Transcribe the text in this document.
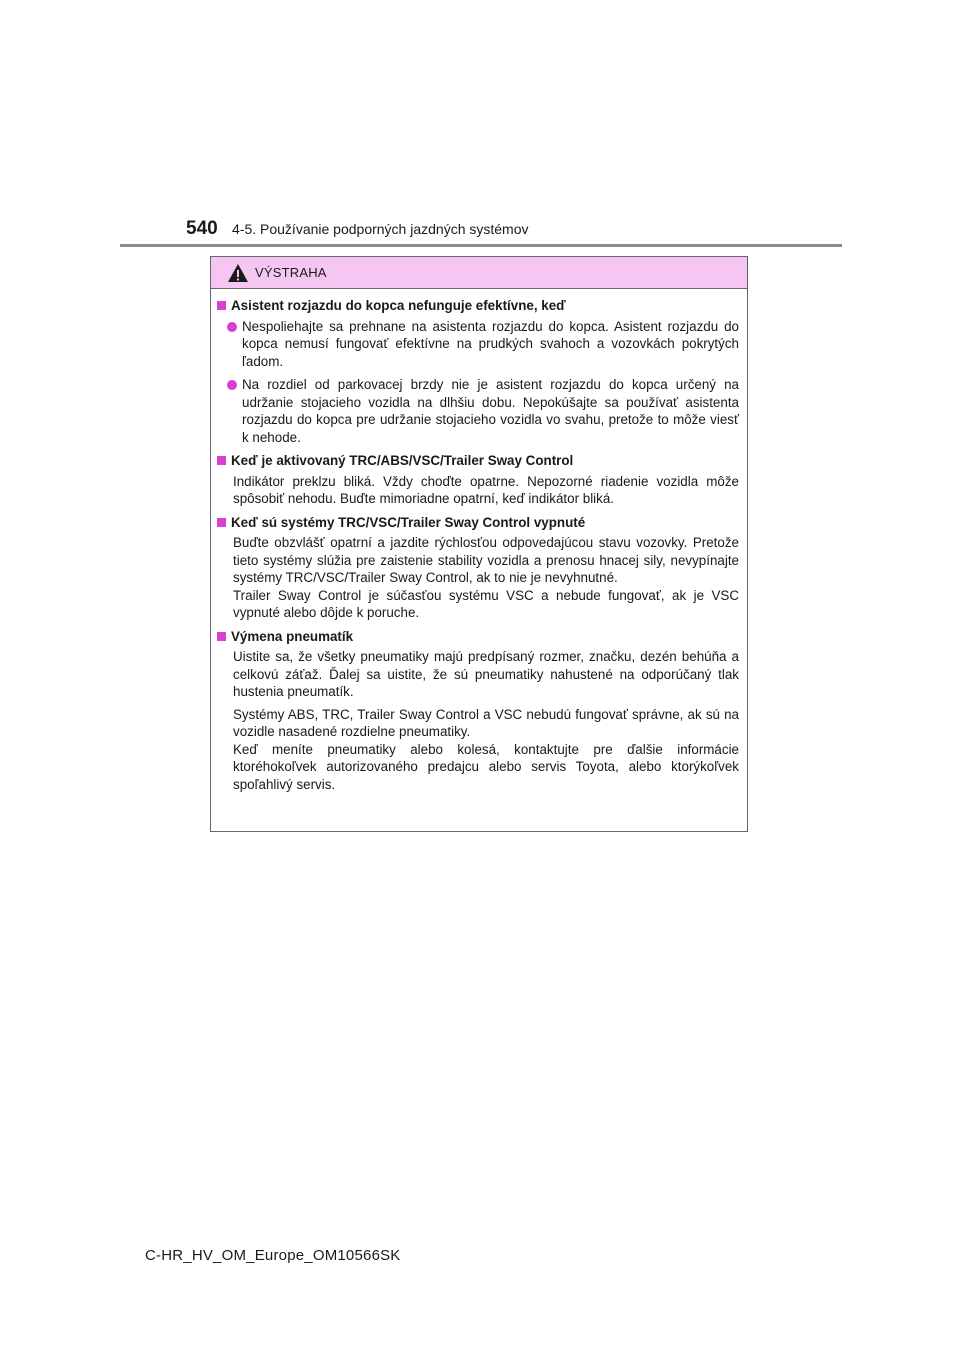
540 4-5. Používanie podporných jazdných systémov
VÝSTRAHA
Asistent rozjazdu do kopca nefunguje efektívne, keď
Nespoliehajte sa prehnane na asistenta rozjazdu do kopca. Asistent rozjazdu do kopca nemusí fungovať efektívne na prudkých svahoch a vozovkách pokrytých ľadom.
Na rozdiel od parkovacej brzdy nie je asistent rozjazdu do kopca určený na udržanie stojacieho vozidla na dlhšiu dobu. Nepokúšajte sa používať asistenta rozjazdu do kopca pre udržanie stojacieho vozidla vo svahu, pretože to môže viesť k nehode.
Keď je aktivovaný TRC/ABS/VSC/Trailer Sway Control

Indikátor preklzu bliká. Vždy choďte opatrne. Nepozorné riadenie vozidla môže spôsobiť nehodu. Buďte mimoriadne opatrní, keď indikátor bliká.

Keď sú systémy TRC/VSC/Trailer Sway Control vypnuté

Buďte obzvlášť opatrní a jazdite rýchlosťou odpovedajúcou stavu vozovky. Pretože tieto systémy slúžia pre zaistenie stability vozidla a prenosu hnacej sily, nevypínajte systémy TRC/VSC/Trailer Sway Control, ak to nie je nevyhnutné.

Trailer Sway Control je súčasťou systému VSC a nebude fungovať, ak je VSC vypnuté alebo dôjde k poruche.

Výmena pneumatík

Uistite sa, že všetky pneumatiky majú predpísaný rozmer, značku, dezén behúňa a celkovú záťaž. Ďalej sa uistite, že sú pneumatiky nahustené na odporúčaný tlak hustenia pneumatík.

Systémy ABS, TRC, Trailer Sway Control a VSC nebudú fungovať správne, ak sú na vozidle nasadené rozdielne pneumatiky.

Keď meníte pneumatiky alebo kolesá, kontaktujte pre ďalšie informácie ktoréhokoľvek autorizovaného predajcu alebo servis Toyota, alebo ktorýkoľvek spoľahlivý servis.

C-HR_HV_OM_Europe_OM10566SK
